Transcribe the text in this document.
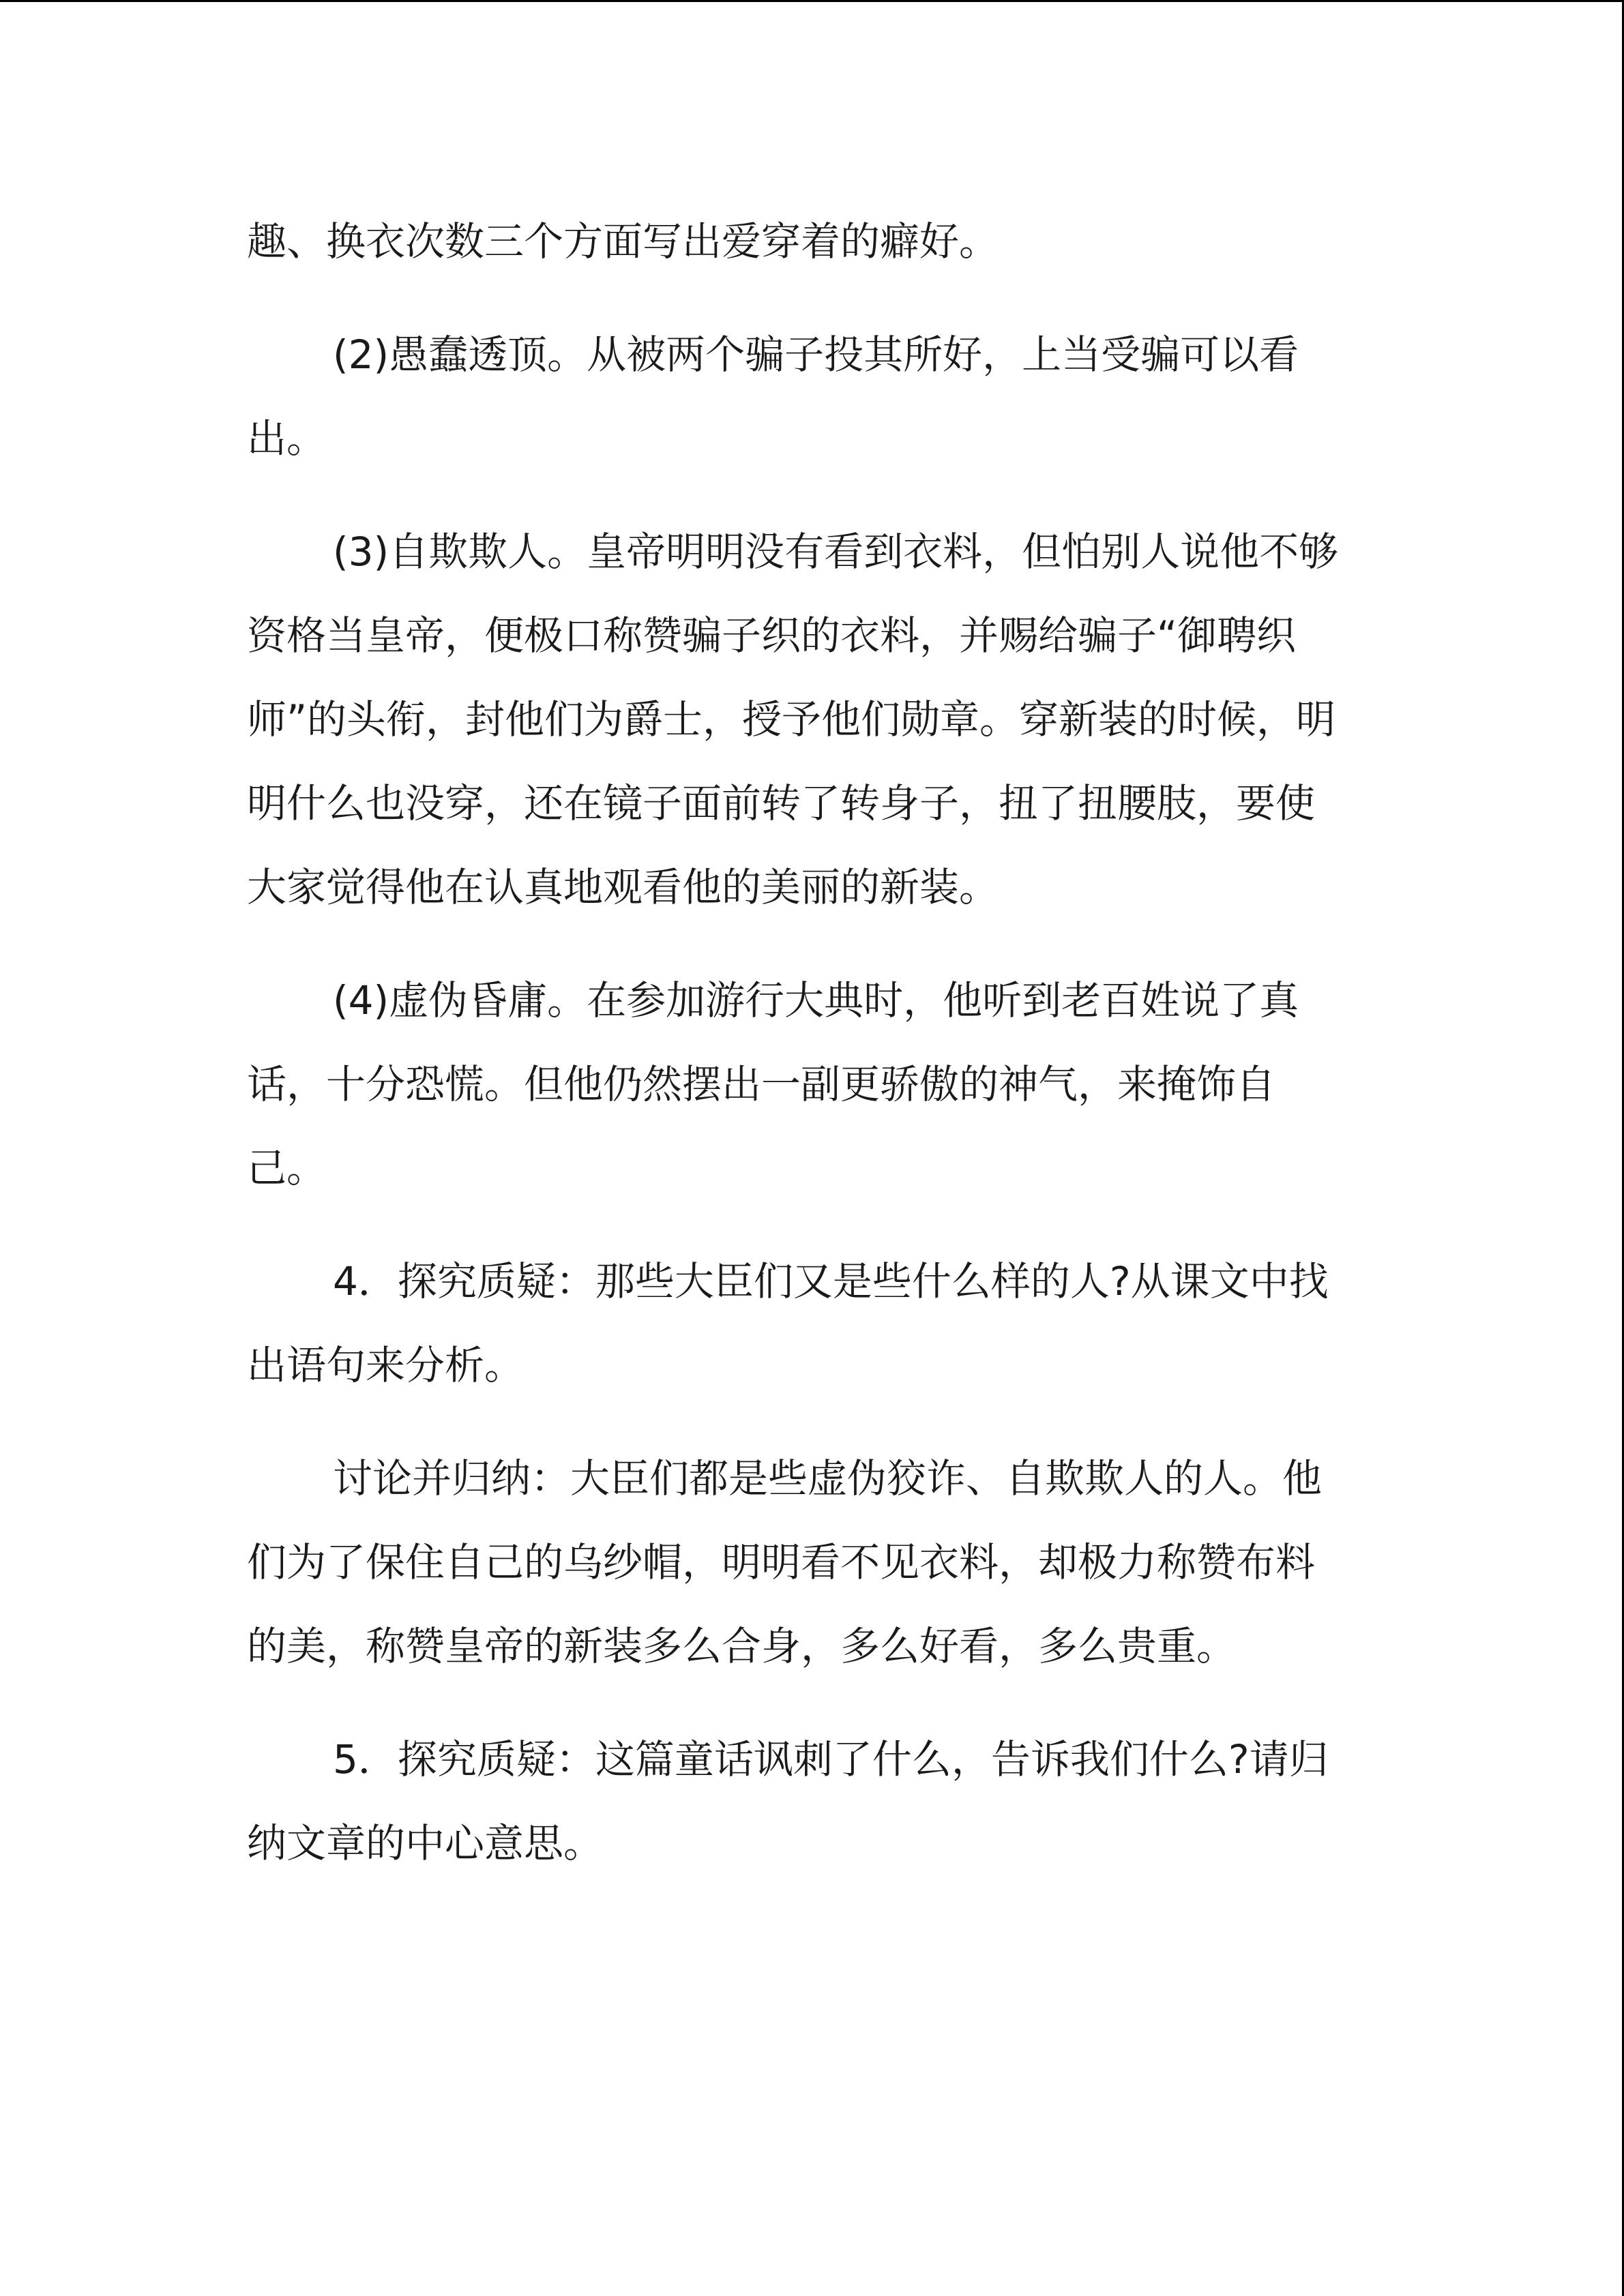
趣、换衣次数三个方面写出爱穿着的癖好。

(2)愚蠢透顶。从被两个骗子投其所好，上当受骗可以看出。

(3)自欺欺人。皇帝明明没有看到衣料，但怕别人说他不够资格当皇帝，便极口称赞骗子织的衣料，并赐给骗子“御聘织师”的头衔，封他们为爵士，授予他们勋章。穿新装的时候，明明什么也没穿，还在镜子面前转了转身子，扭了扭腰肢，要使大家觉得他在认真地观看他的美丽的新装。

(4)虚伪昏庸。在参加游行大典时，他听到老百姓说了真话，十分恐慌。但他仍然摆出一副更骄傲的神气，来掩饰自己。

4．探究质疑：那些大臣们又是些什么样的人?从课文中找出语句来分析。

讨论并归纳：大臣们都是些虚伪狡诈、自欺欺人的人。他们为了保住自己的乌纱帽，明明看不见衣料，却极力称赞布料的美，称赞皇帝的新装多么合身，多么好看，多么贵重。

5．探究质疑：这篇童话讽刺了什么，告诉我们什么?请归纳文章的中心意思。
